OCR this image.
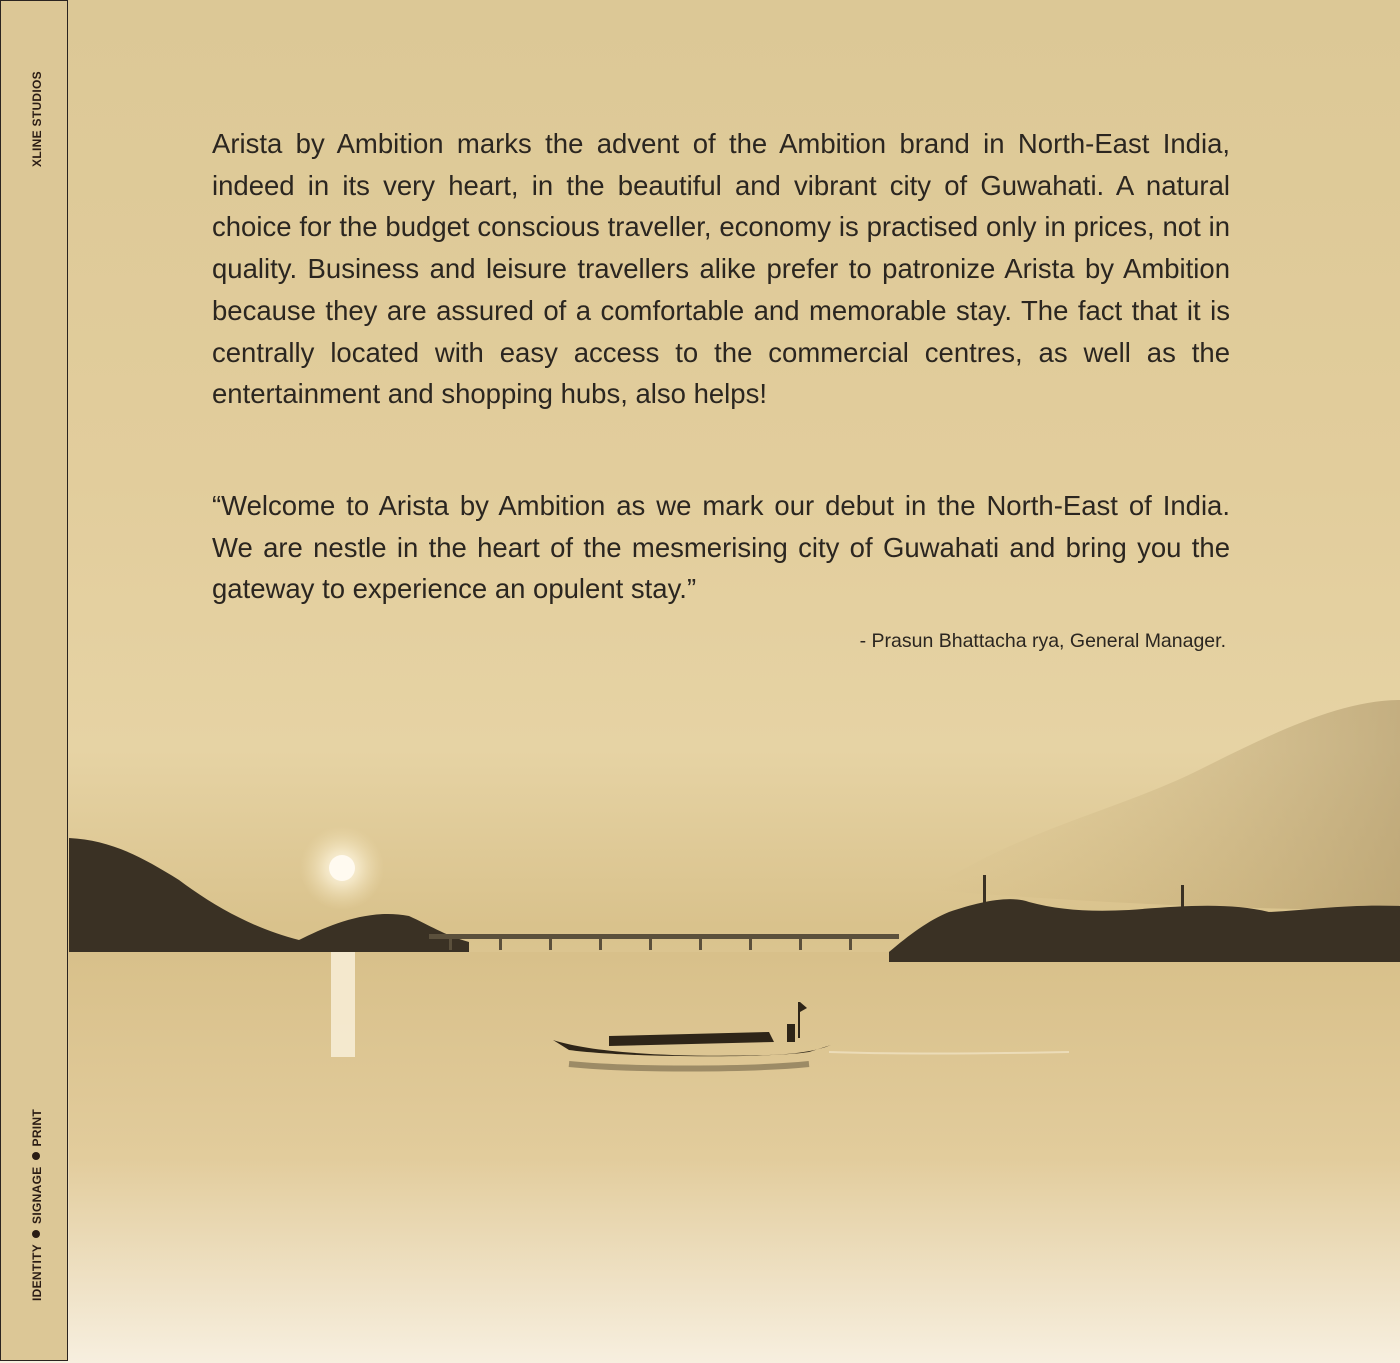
XLINE STUDIOS
IDENTITYSIGNAGEPRINT

Arista by Ambition marks the advent of the Ambition brand in North-East India, indeed in its very heart, in the beautiful and vibrant city of Guwahati. A natural choice for the budget conscious traveller, economy is practised only in prices, not in quality. Business and leisure travellers alike prefer to patronize Arista by Ambition because they are assured of a comfortable and memorable stay. The fact that it is centrally located with easy access to the commercial centres, as well as the entertainment and shopping hubs, also helps!

“Welcome to Arista by Ambition as we mark our debut in the North-East of India. We are nestle in the heart of the mesmerising city of Guwahati and bring you the gateway to experience an opulent stay.”

- Prasun Bhattacha rya, General Manager.
